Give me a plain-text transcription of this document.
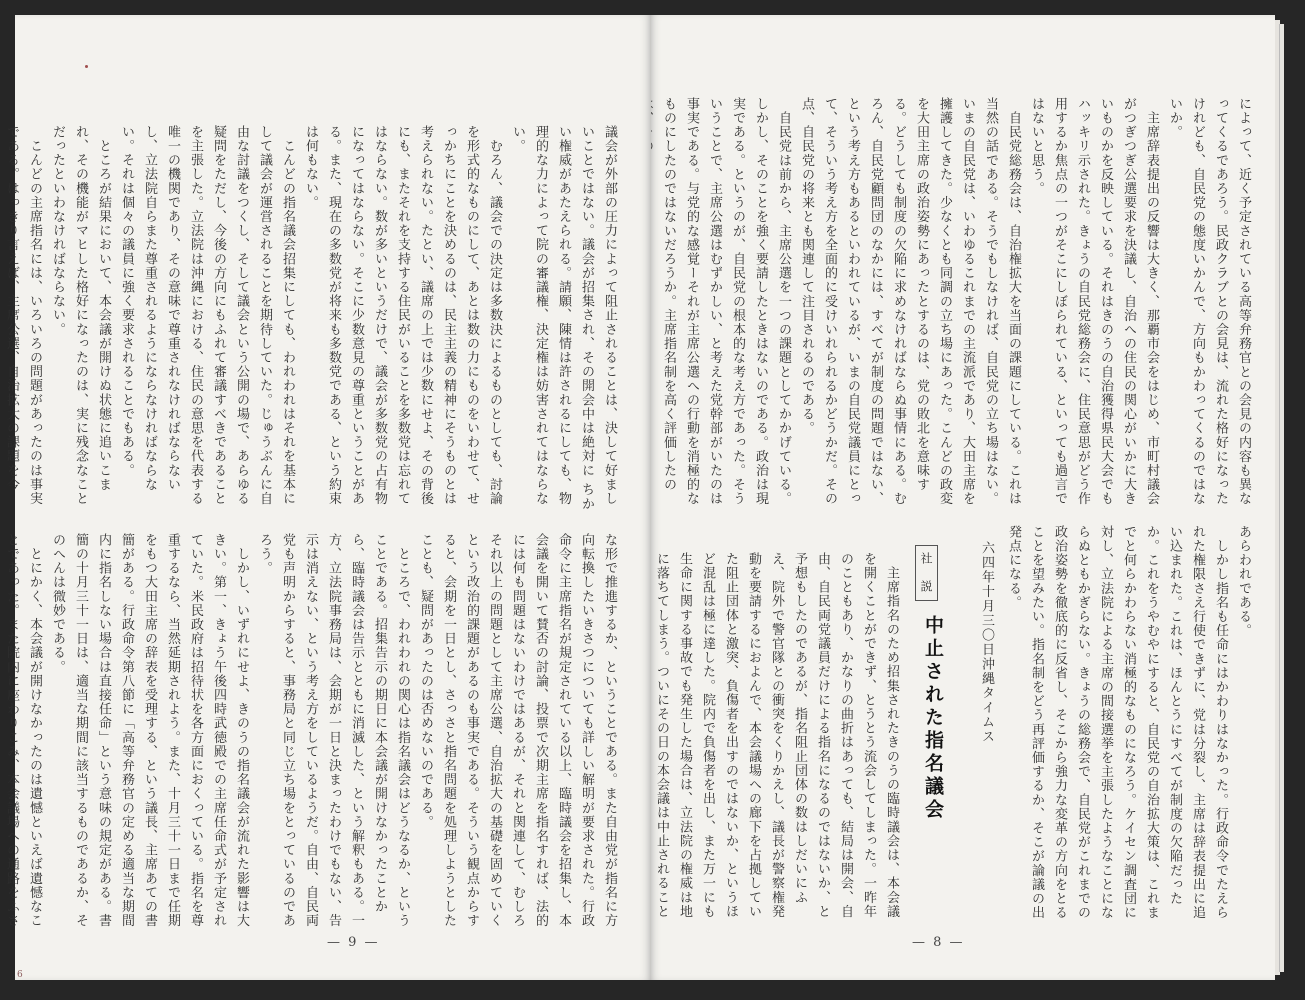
によって、近く予定されている高等弁務官との会見の内容も異なってくるであろう。民政クラブとの会見は、流れた格好になったけれども、自民党の態度いかんで、方向もかわってくるのではないか。
　主席辞表提出の反響は大きく、那覇市会をはじめ、市町村議会がつぎつぎ公選要求を決議し、自治への住民の関心がいかに大きいものかを反映している。それはきのうの自治獲得県民大会でもハッキリ示された。きょうの自民党総務会に、住民意思がどう作用するか焦点の一つがそこにしぼられている、といっても過言ではないと思う。
　自民党総務会は、自治権拡大を当面の課題にしている。これは当然の話である。そうでもしなければ、自民党の立ち場はない。いまの自民党は、いわゆるこれまでの主流派であり、大田主席を擁護してきた。少なくとも同調の立ち場にあった。こんどの政変を大田主席の政治姿勢にあったとするのは、党の敗北を意味する。どうしても制度の欠陥に求めなければならぬ事情にある。むろん、自民党顧問団のなかには、すべてが制度の問題ではない、という考え方もあるといわれているが、いまの自民党議員にとって、そういう考え方を全面的に受けいれられるかどうかだ。その点、自民党の将来とも関連して注目されるのである。
　自民党は前から、主席公選を一つの課題としてかかげている。しかし、そのことを強く要請したときはないのである。政治は現実である。というのが、自民党の根本的な考え方であった。そういうことで、主席公選はむずかしい、と考えた党幹部がいたのは事実である。与党的な感覚ーそれが主席公選への行動を消極的なものにしたのではないだろうか。主席指名制を高く評価したの
あらわれである。
　しかし指名も任命にはかわりはなかった。行政命令でたえられた権限さえ行使できずに、党は分裂し、主席は辞表提出に追い込まれた。これは、ほんとうにすべてが制度の欠陥だったか。これをうやむやにすると、自民党の自治拡大策は、これまでと何らかわらない消極的なものになろう。ケイセン調査団に対し、立法院による主席の間接選挙を主張したようなことにならぬともかぎらない。きょうの総務会で、自民党がこれまでの政治姿勢を徹底的に反省し、そこから強力な変革の方向をとることを望みたい。指名制をどう再評価するか、そこが論議の出発点になる。
六四年十月三〇日沖縄タイムス
社　説
中止された指名議会
　主席指名のため招集されたきのうの臨時議会は、本会議を開くことができず、とうとう流会してしまった。一昨年のこともあり、かなりの曲折はあっても、結局は開会、自由、自民両党議員だけによる指名になるのではないか、と予想もしたのであるが、指名阻止団体の数はしだいにふえ、院外で警官隊との衝突をくりかえし、議長が警察権発動を要請するにおよんで、本会議場への廊下を占拠していた阻止団体と激突、負傷者を出すのではないか、というほど混乱は極に達した。院内で負傷者を出し、また万一にも生命に関する事故でも発生した場合は、立法院の権威は地に落ちてしまう。ついにその日の本会議は中止されること
— 8 —
議会が外部の圧力によって阻止されることは、決して好ましいことではない。議会が招集され、その開会中は絶対に ちかい権威があたえられる。請願、陳情は許されるにしても、物理的な力によって院の審議権、決定権は妨害されてはならない。
　むろん、議会での決定は多数決によるものとしても、討論を形式的なものにして、あとは数の力にものをいわせて、せっかちにことを決めるのは、民主主義の精神にそうものとは考えられない。たとい、議席の上では少数にせよ、その背後にも、またそれを支持する住民がいることを多数党は忘れてはならない。数が多いというだけで、議会が多数党の占有物になってはならない。そこに少数意見の尊重ということがある。また、現在の多数党が将来も多数党である、という約束は何もない。
　こんどの指名議会招集にしても、われわれはそれを基本にして議会が運営されることを期待していた。じゅうぶんに自由な討議をつくし、そして議会という公開の場で、あらゆる疑問をただし、今後の方向にもふれて審議すべきであることを主張した。立法院は沖縄における、住民の意思を代表する唯一の機関であり、その意味で尊重されなければならないし、立法院自らまた尊重されるようにならなければならない。それは個々の議員に強く要求されることでもある。
　ところが結果において、本会議が開けぬ状態に追いこまれ、その機能がマヒした格好になったのは、実に残念なことだったといわなければならない。
　こんどの主席指名には、いろいろの問題があったのは事実である。はっきり言えば、主席公選、自治拡大の課題を今
な形で推進するか、ということである。また自由党が指名に方向転換したいきさつについても詳しい解明が要求された。行政命令に主席指名が規定されている以上、臨時議会を招集し、本会議を開いて賛否の討論、投票で次期主席を指名すれば、法的には何も問題はないわけではあるが、それと関連して、むしろそれ以上の問題として主席公選、自治拡大の基礎を固めていくという改治的課題があるのも事実である。そういう観点からすると、会期を一日とし、さっさと指名問題を処理しようとしたことも、疑問があったのは否めないのである。
　ところで、われわれの関心は指名議会はどうなるか、ということである。招集告示の期日に本会議が開けなかったことから、臨時議会は告示とともに消滅した、という解釈もある。一方、立法院事務局は、会期が一日と決まったわけでもない、告示は消えない、という考え方をしているようだ。自由、自民両党も声明からすると、事務局と同じ立ち場をとっているのであろう。
　しかし、いずれにせよ、きのうの指名議会が流れた影響は大きい。第一、きょう午後四時武徳殿での主席任命式が予定されていた。米民政府は招待状を各方面におくっている。指名を尊重するなら、当然延期されよう。また、十月三十一日まで任期をもつ大田主席の辞表を受理する、という議長、主席あての書簡がある。行政命令第八節に「高等弁務官の定める適当な期間内に指名しない場合は直接任命」という意味の規定がある。書簡の十月三十一日は、適当な期間に該当するものであるか、そのへんは微妙である。
　とにかく、本会議が開けなかったのは遺憾といえば遺憾なことであった。また院内に座わりこみ、本会議場への通路をふさ
— 9 —
6
